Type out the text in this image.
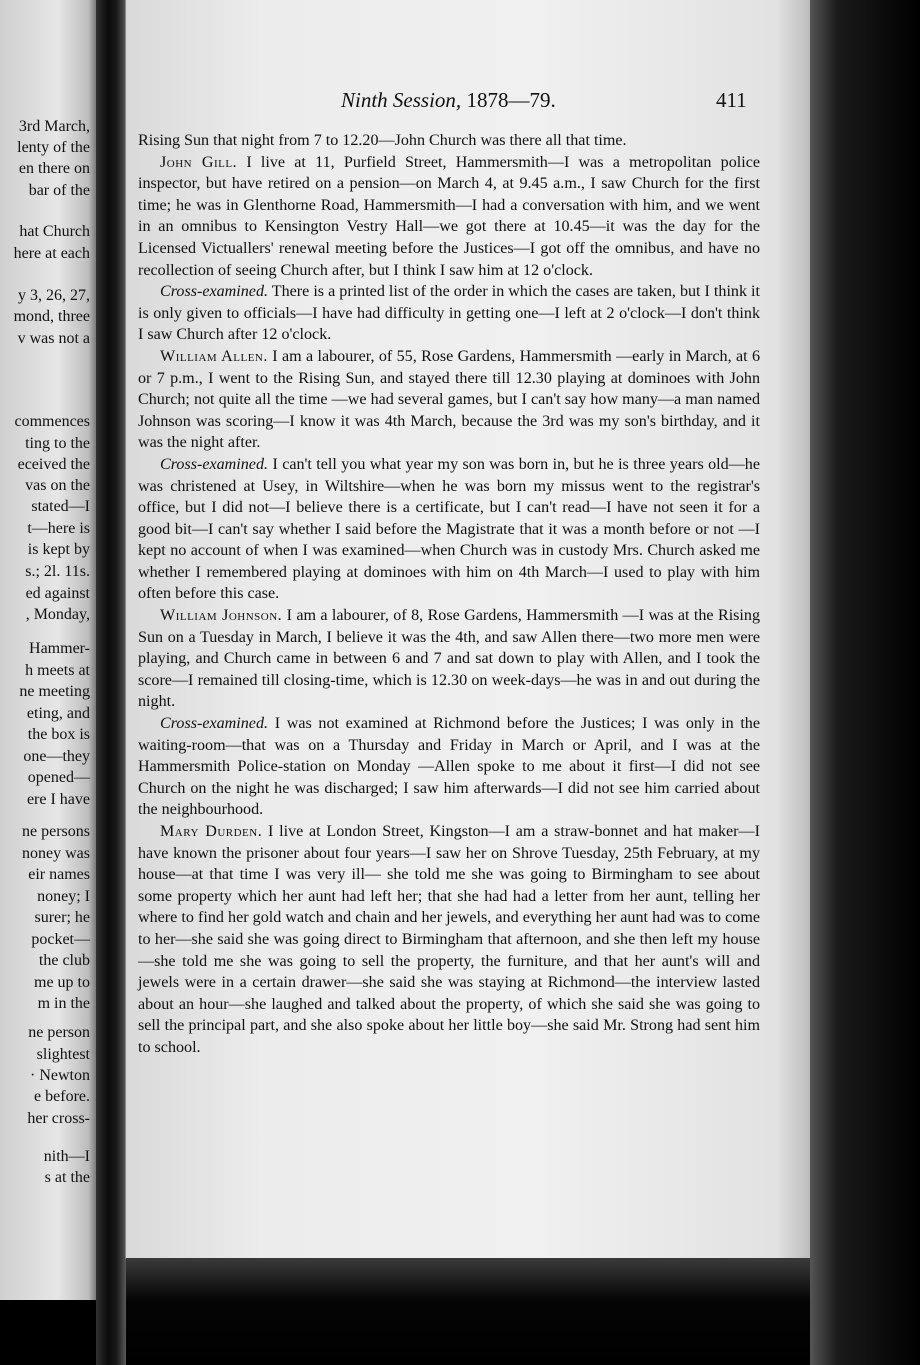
3rd March,
lenty of the
en there on
bar of the
hat Church
here at each
y 3, 26, 27,
mond, three
v was not a
commences
ting to the
eceived the
vas on the
stated—I
t—here is
is kept by
s.; 2l. 11s.
ed against
, Monday,
Hammer-
h meets at
ne meeting
eting, and
the box is
one—they
opened—
ere I have
ne persons
noney was
eir names
noney; I
surer; he
pocket—
the club
me up to
m in the
ne person
slightest
· Newton
e before.
her cross-
nith—I
s at the
Ninth Session, 1878—79.	411

Rising Sun that night from 7 to 12.20—John Church was there all that time.

John Gill. I live at 11, Purfield Street, Hammersmith—I was a metropolitan police inspector, but have retired on a pension—on March 4, at 9.45 a.m., I saw Church for the first time; he was in Glenthorne Road, Hammersmith—I had a conversation with him, and we went in an omnibus to Kensington Vestry Hall—we got there at 10.45—it was the day for the Licensed Victuallers' renewal meeting before the Justices—I got off the omnibus, and have no recollection of seeing Church after, but I think I saw him at 12 o'clock.

Cross-examined. There is a printed list of the order in which the cases are taken, but I think it is only given to officials—I have had difficulty in getting one—I left at 2 o'clock—I don't think I saw Church after 12 o'clock.

William Allen. I am a labourer, of 55, Rose Gardens, Hammersmith —early in March, at 6 or 7 p.m., I went to the Rising Sun, and stayed there till 12.30 playing at dominoes with John Church; not quite all the time —we had several games, but I can't say how many—a man named Johnson was scoring—I know it was 4th March, because the 3rd was my son's birthday, and it was the night after.

Cross-examined. I can't tell you what year my son was born in, but he is three years old—he was christened at Usey, in Wiltshire—when he was born my missus went to the registrar's office, but I did not—I believe there is a certificate, but I can't read—I have not seen it for a good bit—I can't say whether I said before the Magistrate that it was a month before or not —I kept no account of when I was examined—when Church was in custody Mrs. Church asked me whether I remembered playing at dominoes with him on 4th March—I used to play with him often before this case.

William Johnson. I am a labourer, of 8, Rose Gardens, Hammersmith —I was at the Rising Sun on a Tuesday in March, I believe it was the 4th, and saw Allen there—two more men were playing, and Church came in between 6 and 7 and sat down to play with Allen, and I took the score—I remained till closing-time, which is 12.30 on week-days—he was in and out during the night.

Cross-examined. I was not examined at Richmond before the Justices; I was only in the waiting-room—that was on a Thursday and Friday in March or April, and I was at the Hammersmith Police-station on Monday —Allen spoke to me about it first—I did not see Church on the night he was discharged; I saw him afterwards—I did not see him carried about the neighbourhood.

Mary Durden. I live at London Street, Kingston—I am a straw-bonnet and hat maker—I have known the prisoner about four years—I saw her on Shrove Tuesday, 25th February, at my house—at that time I was very ill— she told me she was going to Birmingham to see about some property which her aunt had left her; that she had had a letter from her aunt, telling her where to find her gold watch and chain and her jewels, and everything her aunt had was to come to her—she said she was going direct to Birmingham that afternoon, and she then left my house—she told me she was going to sell the property, the furniture, and that her aunt's will and jewels were in a certain drawer—she said she was staying at Richmond—the interview lasted about an hour—she laughed and talked about the property, of which she said she was going to sell the principal part, and she also spoke about her little boy—she said Mr. Strong had sent him to school.
